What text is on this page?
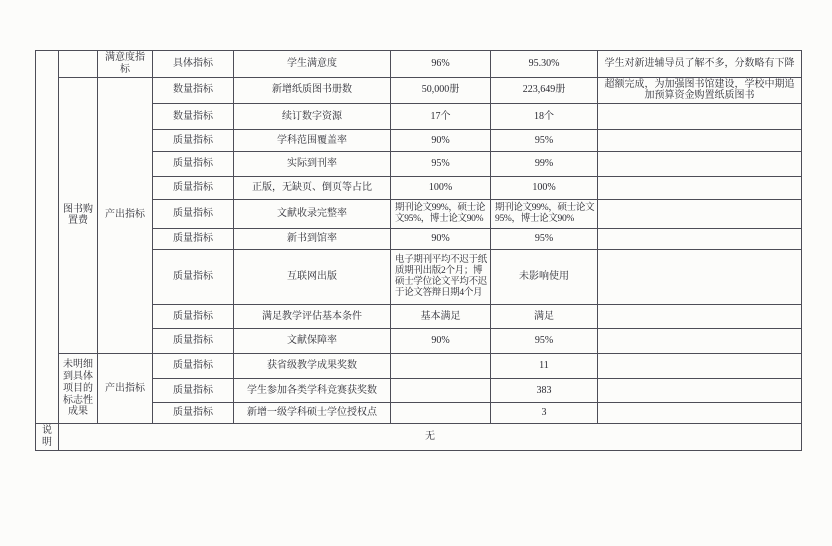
		满意度指标	具体指标	学生满意度	96%	95.30%	学生对新进辅导员了解不多，分数略有下降
	图书购置费	产出指标	数量指标	新增纸质图书册数	50,000册	223,649册	超额完成，为加强图书馆建设，学校中期追加预算资金购置纸质图书
			数量指标	续订数字资源	17个	18个	
			质量指标	学科范围覆盖率	90%	95%	
			质量指标	实际到刊率	95%	99%	
			质量指标	正版，无缺页、倒页等占比	100%	100%	
			质量指标	文献收录完整率	期刊论文99%，硕士论文95%，博士论文90%	期刊论文99%，硕士论文95%，博士论文90%	
			质量指标	新书到馆率	90%	95%	
			质量指标	互联网出版	电子期刊平均不迟于纸质期刊出版2个月；博硕士学位论文平均不迟于论文答辩日期4个月	未影响使用	
			质量指标	满足教学评估基本条件	基本满足	满足	
			质量指标	文献保障率	90%	95%	
	未明细到具体项目的标志性成果	产出指标	质量指标	获省级教学成果奖数		11	
			质量指标	学生参加各类学科竞赛获奖数		383	
			质量指标	新增一级学科硕士学位授权点		3	
说明	无						
